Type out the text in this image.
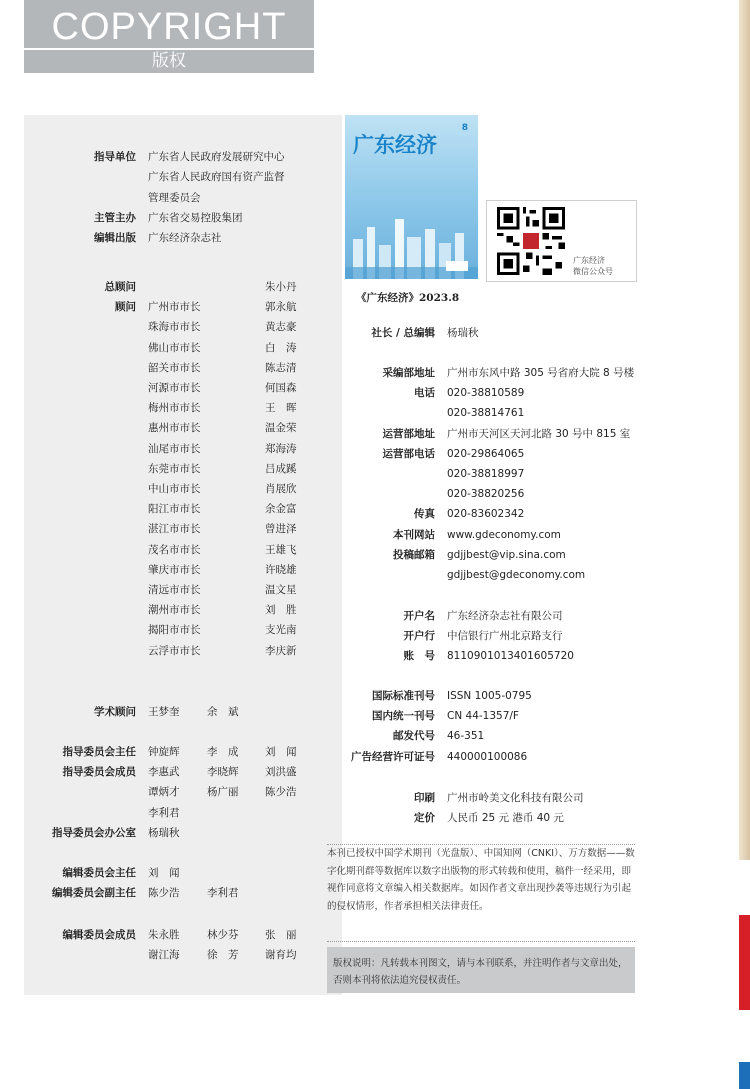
COPYRIGHT
版权
指导单位 广东省人民政府发展研究中心
广东省人民政府国有资产监督
管理委员会
主管主办 广东省交易控股集团
编辑出版 广东经济杂志社
总顾问	朱小丹
顾问 广州市市长	郭永航
珠海市市长	黄志豪
佛山市市长	白　涛
韶关市市长	陈志清
河源市市长	何国森
梅州市市长	王　晖
惠州市市长	温金荣
汕尾市市长	郑海涛
东莞市市长	吕成蹊
中山市市长	肖展欣
阳江市市长	余金富
湛江市市长	曾进泽
茂名市市长	王雄飞
肇庆市市长	许晓雄
清远市市长	温文星
潮州市市长	刘　胜
揭阳市市长	支光南
云浮市市长	李庆新
学术顾问 王梦奎	余　斌
指导委员会主任 钟旋辉	李　成	刘　闻
指导委员会成员 李惠武	李晓辉	刘洪盛
谭炳才	杨广丽	陈少浩
李利君
指导委员会办公室 杨瑞秋
编辑委员会主任 刘　闻
编辑委员会副主任 陈少浩	李利君
编辑委员会成员 朱永胜	林少芬	张　丽
谢江海	徐　芳	谢育均
8
广东经济
广东经济
微信公众号
《广东经济》2023.8
社长 / 总编辑 杨瑞秋
采编部地址 广州市东风中路 305 号省府大院 8 号楼
电话 020-38810589
020-38814761
运营部地址 广州市天河区天河北路 30 号中 815 室
运营部电话 020-29864065
020-38818997
020-38820256
传真 020-83602342
本刊网站 www.gdeconomy.com
投稿邮箱 gdjjbest@vip.sina.com
gdjjbest@gdeconomy.com
开户名 广东经济杂志社有限公司
开户行 中信银行广州北京路支行
账　号 8110901013401605720
国际标准刊号 ISSN 1005-0795
国内统一刊号 CN 44-1357/F
邮发代号 46-351
广告经营许可证号 440000100086
印刷 广州市岭美文化科技有限公司
定价 人民币 25 元 港币 40 元
本刊已授权中国学术期刊（光盘版）、中国知网（CNKI）、万方数据——数字化期刊群等数据库以数字出版物的形式转载和使用，稿件一经采用，即视作同意将文章编入相关数据库。如因作者文章出现抄袭等违规行为引起的侵权情形，作者承担相关法律责任。
版权说明：凡转载本刊图文，请与本刊联系，并注明作者与文章出处，否则本刊将依法追究侵权责任。
